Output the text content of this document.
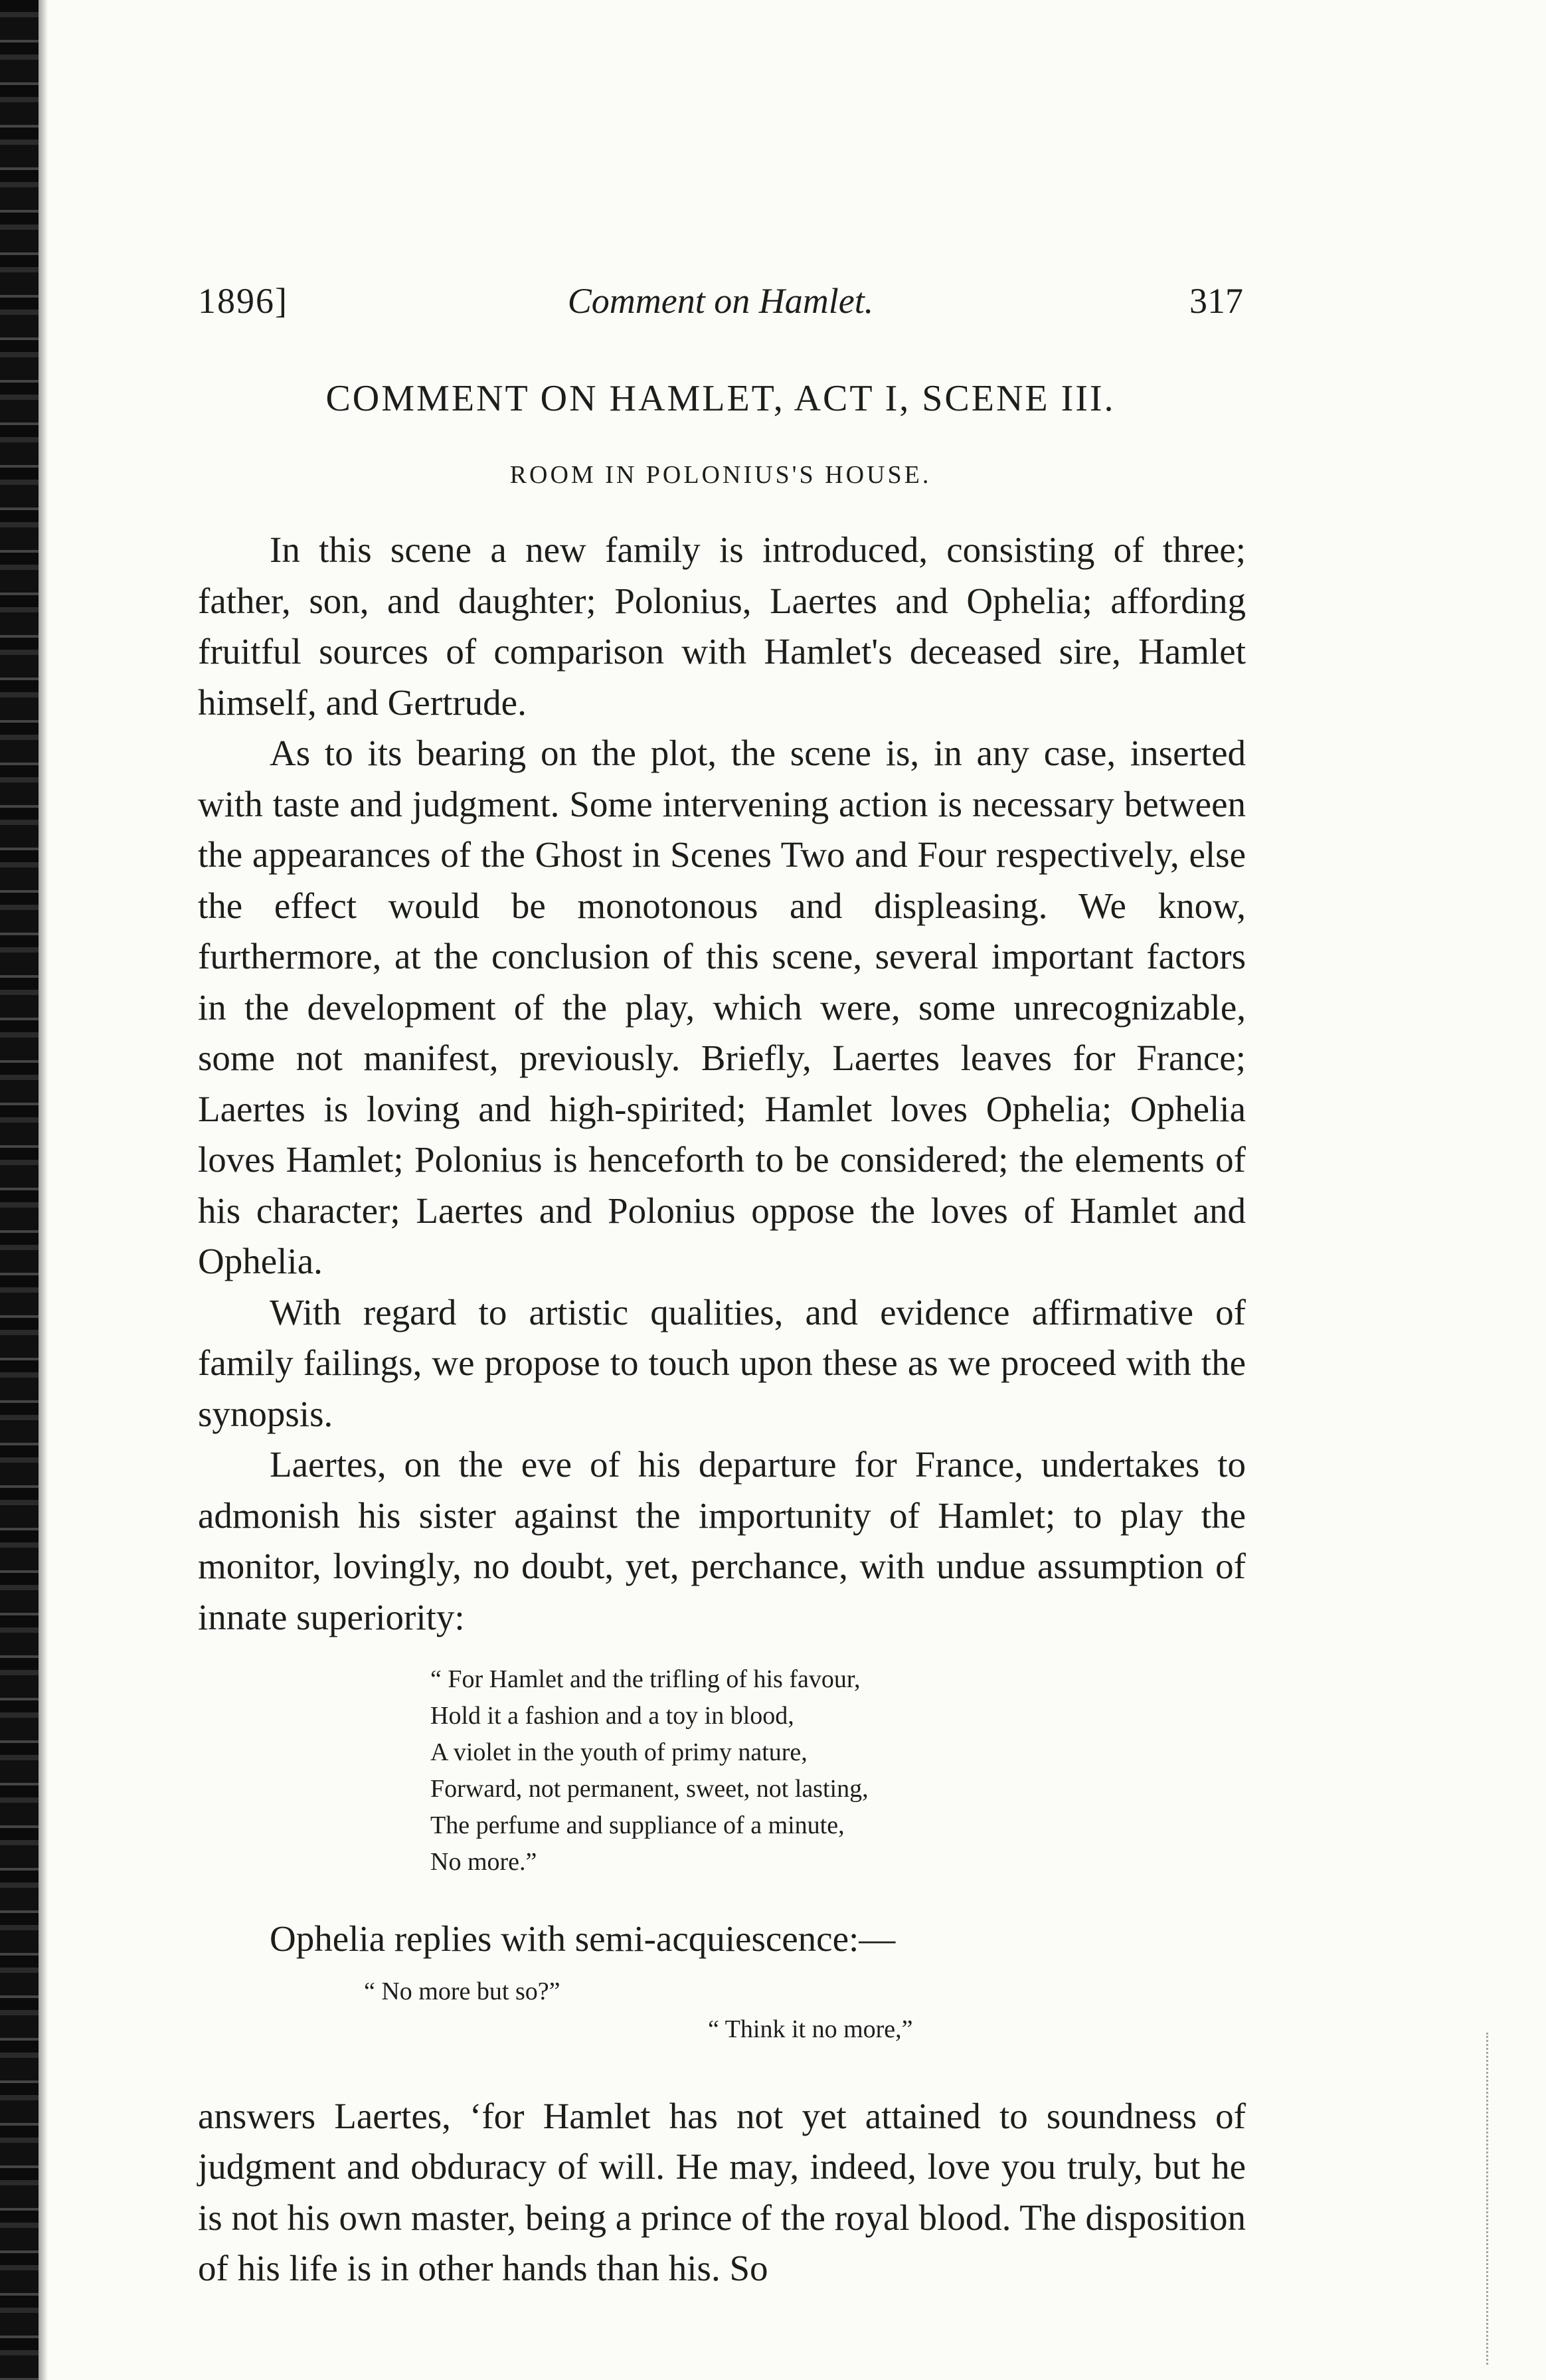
1896]	Comment on Hamlet.	317
COMMENT ON HAMLET, ACT I, SCENE III.
ROOM IN POLONIUS'S HOUSE.

In this scene a new family is introduced, consisting of three; father, son, and daughter; Polonius, Laertes and Ophelia; affording fruitful sources of comparison with Hamlet's deceased sire, Hamlet himself, and Gertrude.

As to its bearing on the plot, the scene is, in any case, inserted with taste and judgment. Some intervening action is necessary between the appearances of the Ghost in Scenes Two and Four respectively, else the effect would be monotonous and displeasing. We know, furthermore, at the conclusion of this scene, several important factors in the development of the play, which were, some unrecognizable, some not manifest, previously. Briefly, Laertes leaves for France; Laertes is loving and high-spirited; Hamlet loves Ophelia; Ophelia loves Hamlet; Polonius is henceforth to be considered; the elements of his character; Laertes and Polonius oppose the loves of Hamlet and Ophelia.

With regard to artistic qualities, and evidence affirmative of family failings, we propose to touch upon these as we proceed with the synopsis.

Laertes, on the eve of his departure for France, undertakes to admonish his sister against the importunity of Hamlet; to play the monitor, lovingly, no doubt, yet, perchance, with undue assumption of innate superiority:

“ For Hamlet and the trifling of his favour,
Hold it a fashion and a toy in blood,
A violet in the youth of primy nature,
Forward, not permanent, sweet, not lasting,
The perfume and suppliance of a minute,
No more.”

Ophelia replies with semi-acquiescence:—

“ No more but so?”
“ Think it no more,”

answers Laertes, ‘for Hamlet has not yet attained to soundness of judgment and obduracy of will. He may, indeed, love you truly, but he is not his own master, being a prince of the royal blood. The disposition of his life is in other hands than his. So
